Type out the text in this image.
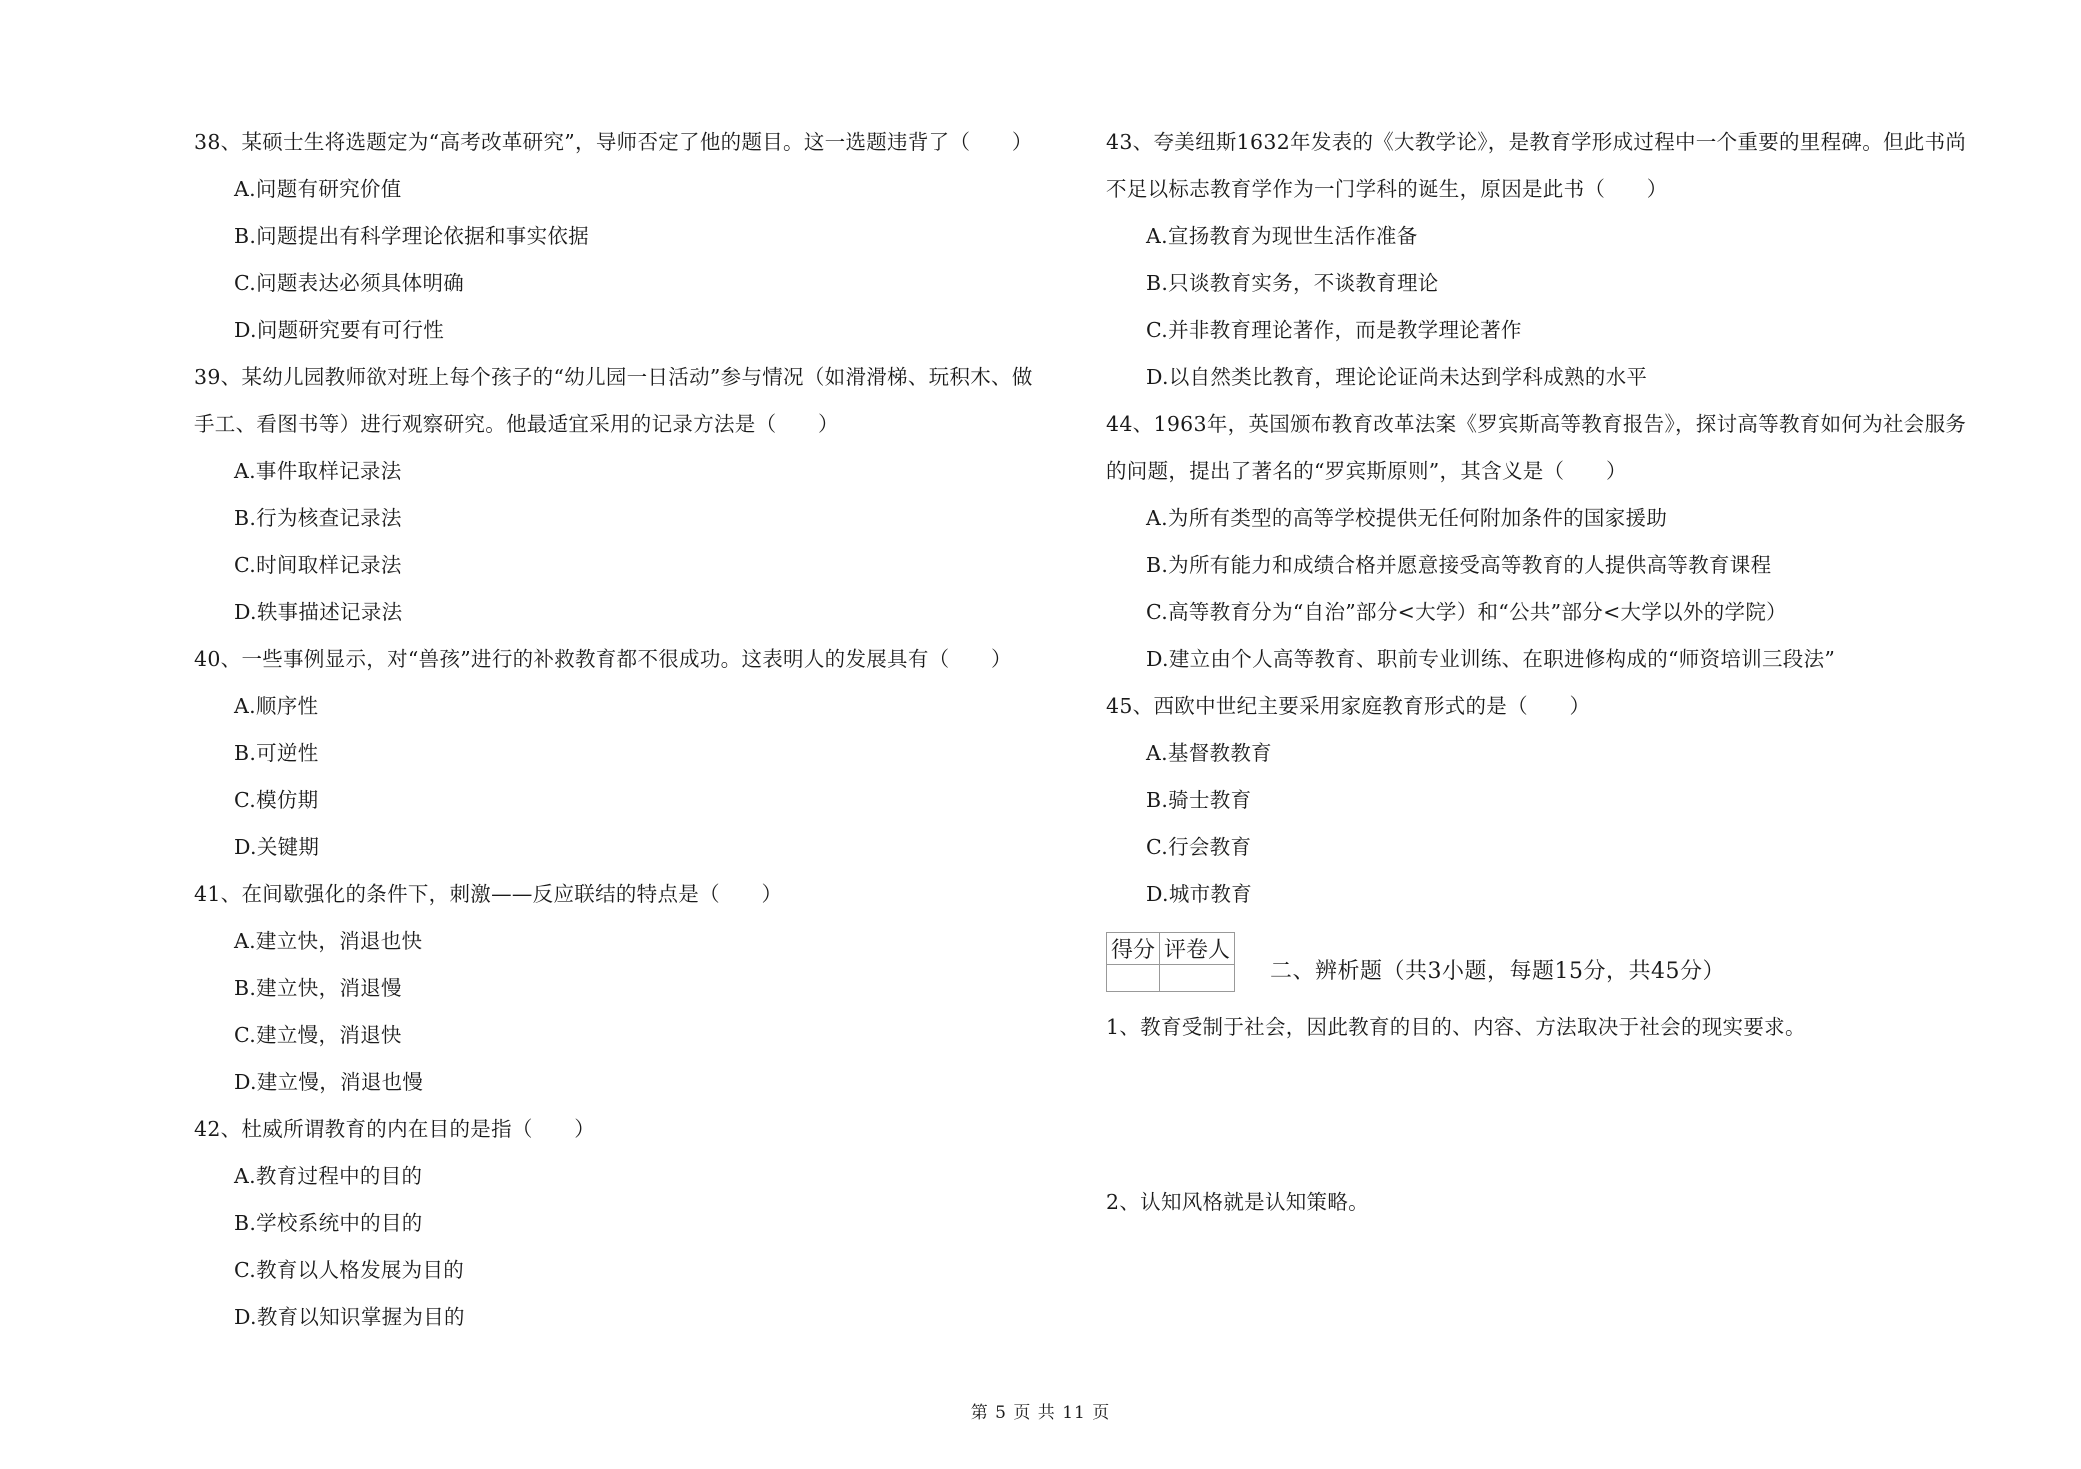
38、某硕士生将选题定为“高考改革研究”，导师否定了他的题目。这一选题违背了（　　）
A.问题有研究价值
B.问题提出有科学理论依据和事实依据
C.问题表达必须具体明确
D.问题研究要有可行性
39、某幼儿园教师欲对班上每个孩子的“幼儿园一日活动”参与情况（如滑滑梯、玩积木、做
手工、看图书等）进行观察研究。他最适宜采用的记录方法是（　　）
A.事件取样记录法
B.行为核查记录法
C.时间取样记录法
D.轶事描述记录法
40、一些事例显示，对“兽孩”进行的补救教育都不很成功。这表明人的发展具有（　　）
A.顺序性
B.可逆性
C.模仿期
D.关键期
41、在间歇强化的条件下，刺激——反应联结的特点是（　　）
A.建立快，消退也快
B.建立快，消退慢
C.建立慢，消退快
D.建立慢，消退也慢
42、杜威所谓教育的内在目的是指（　　）
A.教育过程中的目的
B.学校系统中的目的
C.教育以人格发展为目的
D.教育以知识掌握为目的
43、夸美纽斯1632年发表的《大教学论》，是教育学形成过程中一个重要的里程碑。但此书尚
不足以标志教育学作为一门学科的诞生，原因是此书（　　）
A.宣扬教育为现世生活作准备
B.只谈教育实务，不谈教育理论
C.并非教育理论著作，而是教学理论著作
D.以自然类比教育，理论论证尚未达到学科成熟的水平
44、1963年，英国颁布教育改革法案《罗宾斯高等教育报告》，探讨高等教育如何为社会服务
的问题，提出了著名的“罗宾斯原则”，其含义是（　　）
A.为所有类型的高等学校提供无任何附加条件的国家援助
B.为所有能力和成绩合格并愿意接受高等教育的人提供高等教育课程
C.高等教育分为“自治”部分<大学）和“公共”部分<大学以外的学院）
D.建立由个人高等教育、职前专业训练、在职进修构成的“师资培训三段法”
45、西欧中世纪主要采用家庭教育形式的是（　　）
A.基督教教育
B.骑士教育
C.行会教育
D.城市教育
得分	评卷人

二、辨析题（共3小题，每题15分，共45分）
1、教育受制于社会，因此教育的目的、内容、方法取决于社会的现实要求。
2、认知风格就是认知策略。
第 5 页 共 11 页
